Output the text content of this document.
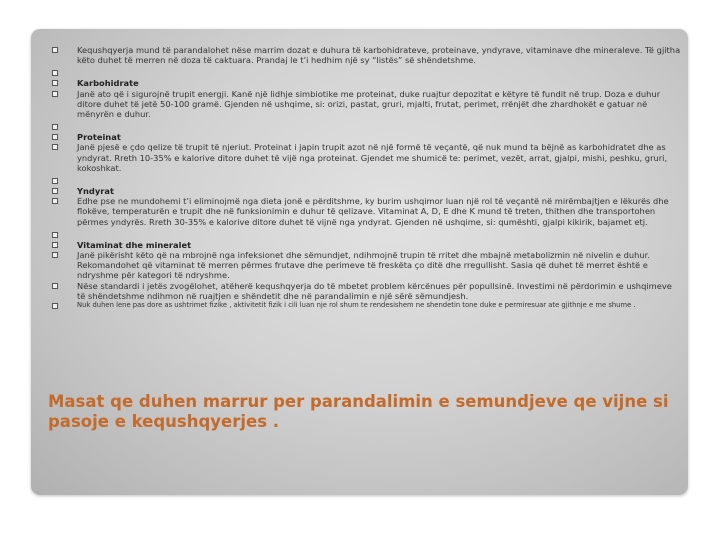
Kequshqyerja mund të parandalohet nëse marrim dozat e duhura të karbohidrateve, proteinave, yndyrave, vitaminave dhe mineraleve. Të gjitha këto duhet të merren në doza të caktuara. Prandaj le t’i hedhim një sy “listës” së shëndetshme.
Karbohidrate
Janë ato që i sigurojnë trupit energji. Kanë një lidhje simbiotike me proteinat, duke ruajtur depozitat e këtyre të fundit në trup. Doza e duhur ditore duhet të jetë 50-100 gramë. Gjenden në ushqime, si: orizi, pastat, gruri, mjalti, frutat, perimet, rrënjët dhe zhardhokët e gatuar në mënyrën e duhur.
Proteinat
Janë pjesë e çdo qelize të trupit të njeriut. Proteinat i japin trupit azot në një formë të veçantë, që nuk mund ta bëjnë as karbohidratet dhe as yndyrat. Rreth 10-35% e kalorive ditore duhet të vijë nga proteinat. Gjendet me shumicë te: perimet, vezët, arrat, gjalpi, mishi, peshku, gruri, kokoshkat.
Yndyrat
Edhe pse ne mundohemi t’i eliminojmë nga dieta jonë e përditshme, ky burim ushqimor luan një rol të veçantë në mirëmbajtjen e lëkurës dhe flokëve, temperaturën e trupit dhe në funksionimin e duhur të qelizave. Vitaminat A, D, E dhe K mund të treten, thithen dhe transportohen përmes yndyrës. Rreth 30-35% e kalorive ditore duhet të vijnë nga yndyrat. Gjenden në ushqime, si: qumështi, gjalpi kikirik, bajamet etj.
Vitaminat dhe mineralet
Janë pikërisht këto që na mbrojnë nga infeksionet dhe sëmundjet, ndihmojnë trupin të rritet dhe mbajnë metabolizmin në nivelin e duhur. Rekomandohet që vitaminat të merren përmes frutave dhe perimeve të freskëta ço ditë dhe rregullisht. Sasia që duhet të merret është e ndryshme për kategori të ndryshme.
Nëse standardi i jetës zvogëlohet, atëherë kequshqyerja do të mbetet problem kërcënues për popullsinë. Investimi në përdorimin e ushqimeve të shëndetshme ndihmon në ruajtjen e shëndetit dhe në parandalimin e një sërë sëmundjesh.
Nuk duhen lene pas dore as ushtrimet fizike , aktivitetit fizik i cili luan nje rol shum te rendesishem ne shendetin tone duke e permiresuar ate gjithnje e me shume .
Masat qe duhen marrur per parandalimin e semundjeve qe vijne si pasoje e kequshqyerjes .
